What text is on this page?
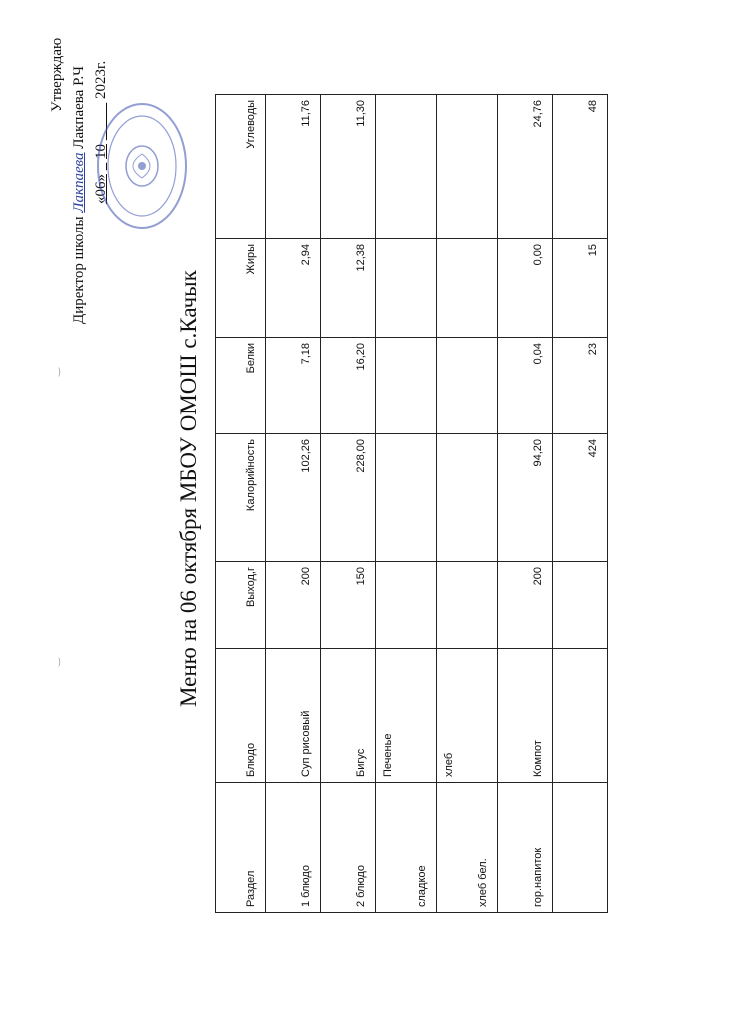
Утверждаю
Директор школы Лакпаева Лакпаева Р.Ч
«06»    10            2023г.
Меню на 06 октября МБОУ ОМОШ с.Качык
Раздел	Блюдо	Выход,г	Калорийность	Белки	Жиры	Углеводы
1 блюдо	Суп рисовый	200	102,26	7,18	2,94	11,76
2 блюдо	Бигус	150	228,00	16,20	12,38	11,30
сладкое	Печенье					
хлеб бел.	хлеб					
гор.напиток	Компот	200	94,20	0,04	0,00	24,76
			424	23	15	48
‿
‿
